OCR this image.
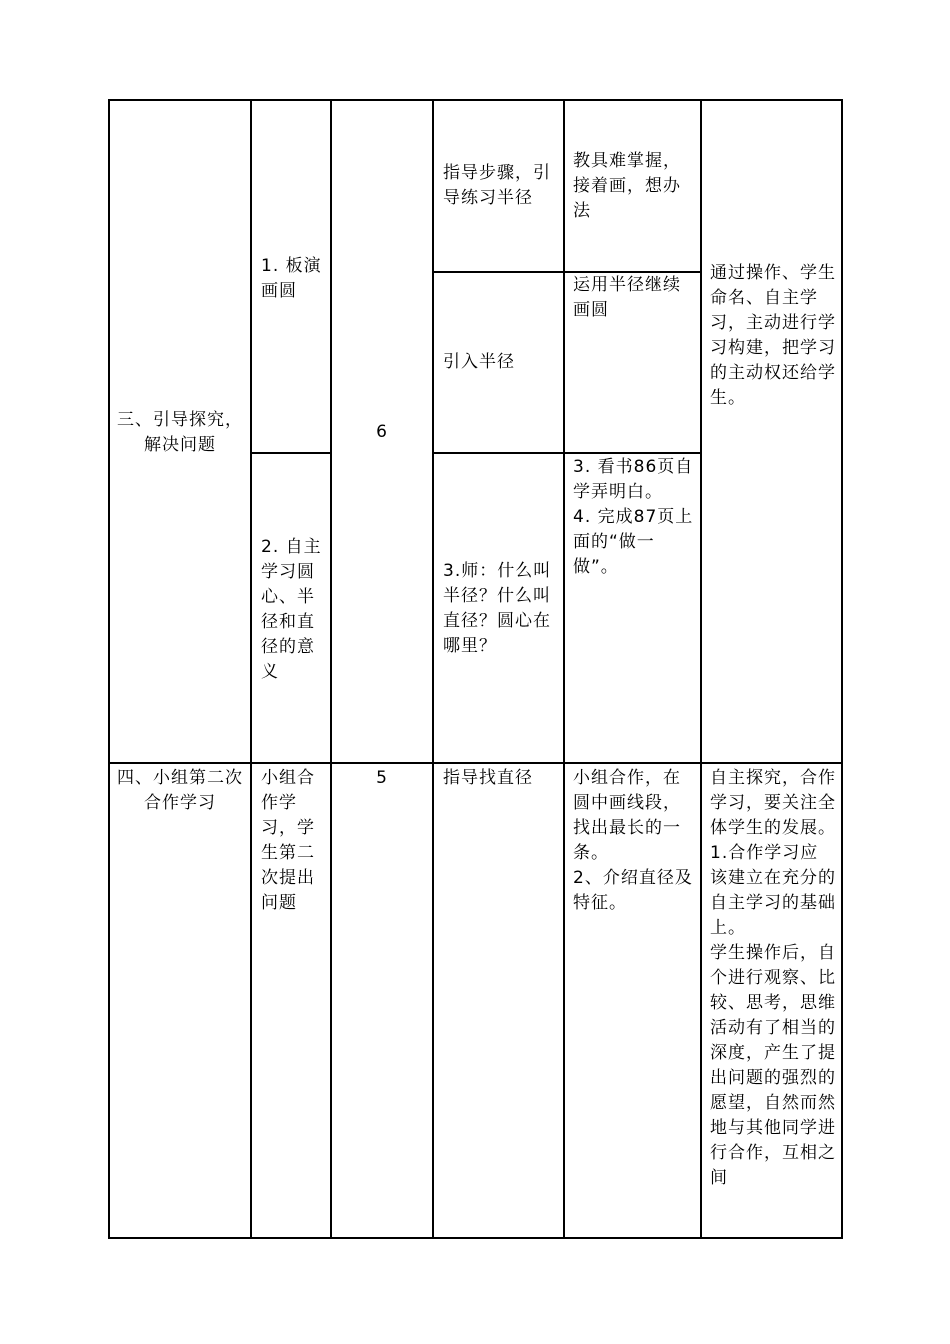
三、引导探究，解决问题

1. 板演画圆

2. 自主学习圆心、半径和直径的意义

6

指导步骤，引导练习半径

引入半径

3.师：什么叫半径？什么叫直径？圆心在哪里？

教具难掌握，接着画，想办法

运用半径继续画圆

3. 看书86页自学弄明白。

4. 完成87页上面的“做一做”。

通过操作、学生命名、自主学习，主动进行学习构建，把学习的主动权还给学生。

四、小组第二次合作学习

小组合作学习，学生第二次提出问题

5	指导找直径	小组合作，在圆中画线段，找出最长的一条。

2、介绍直径及特征。

自主探究，合作学习，要关注全体学生的发展。

1.合作学习应该建立在充分的自主学习的基础上。

学生操作后，自个进行观察、比较、思考，思维活动有了相当的深度，产生了提出问题的强烈的愿望，自然而然地与其他同学进行合作，互相之间
